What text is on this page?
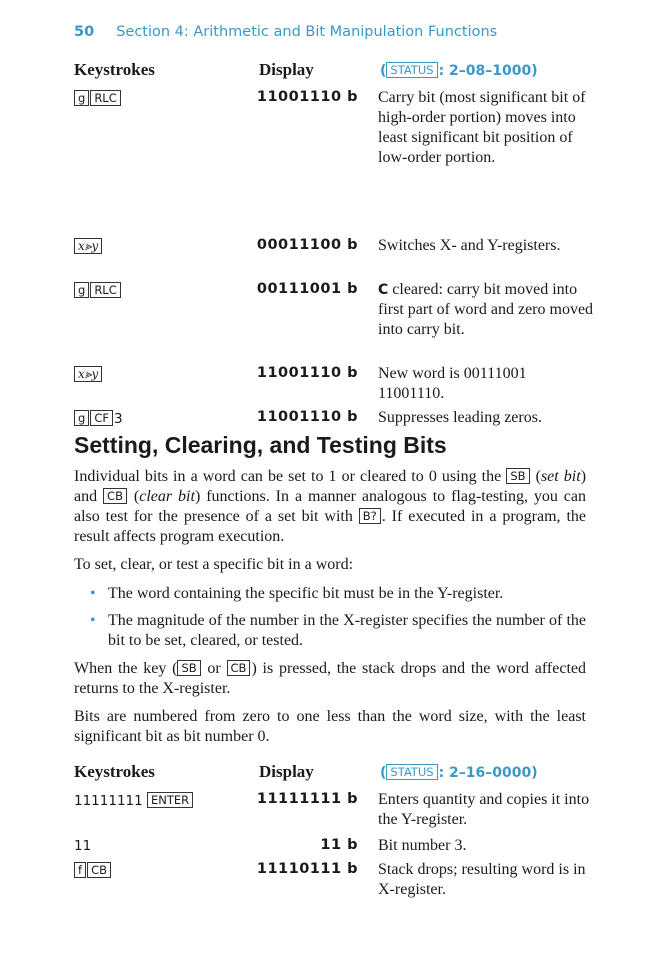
50 Section 4: Arithmetic and Bit Manipulation Functions
Keystrokes	Display	( STATUS : 2–08–1000)
g RLC	11001110 b Carry bit (most significant bit of high-order portion) moves into least significant bit position of low-order portion.
x⪢y	00011100 b Switches X- and Y-registers.
g RLC	00111001 b C cleared: carry bit moved into first part of word and zero moved into carry bit.
x⪢y	11001110 b New word is 00111001 11001110.
g CF 3	11001110 b Suppresses leading zeros.
Setting, Clearing, and Testing Bits

Individual bits in a word can be set to 1 or cleared to 0 using the SB (set bit) and CB (clear bit) functions. In a manner analogous to flag-testing, you can also test for the presence of a set bit with B? . If executed in a program, the result affects program execution.

To set, clear, or test a specific bit in a word:

• The word containing the specific bit must be in the Y-register.

• The magnitude of the number in the X-register specifies the number of the bit to be set, cleared, or tested.

When the key ( SB or CB ) is pressed, the stack drops and the word affected returns to the X-register.

Bits are numbered from zero to one less than the word size, with the least significant bit as bit number 0.

Keystrokes	Display	( STATUS : 2–16–0000)
11111111 ENTER	11111111 b Enters quantity and copies it into the Y-register.
11	11 b Bit number 3.
f CB	11110111 b Stack drops; resulting word is in X-register.
